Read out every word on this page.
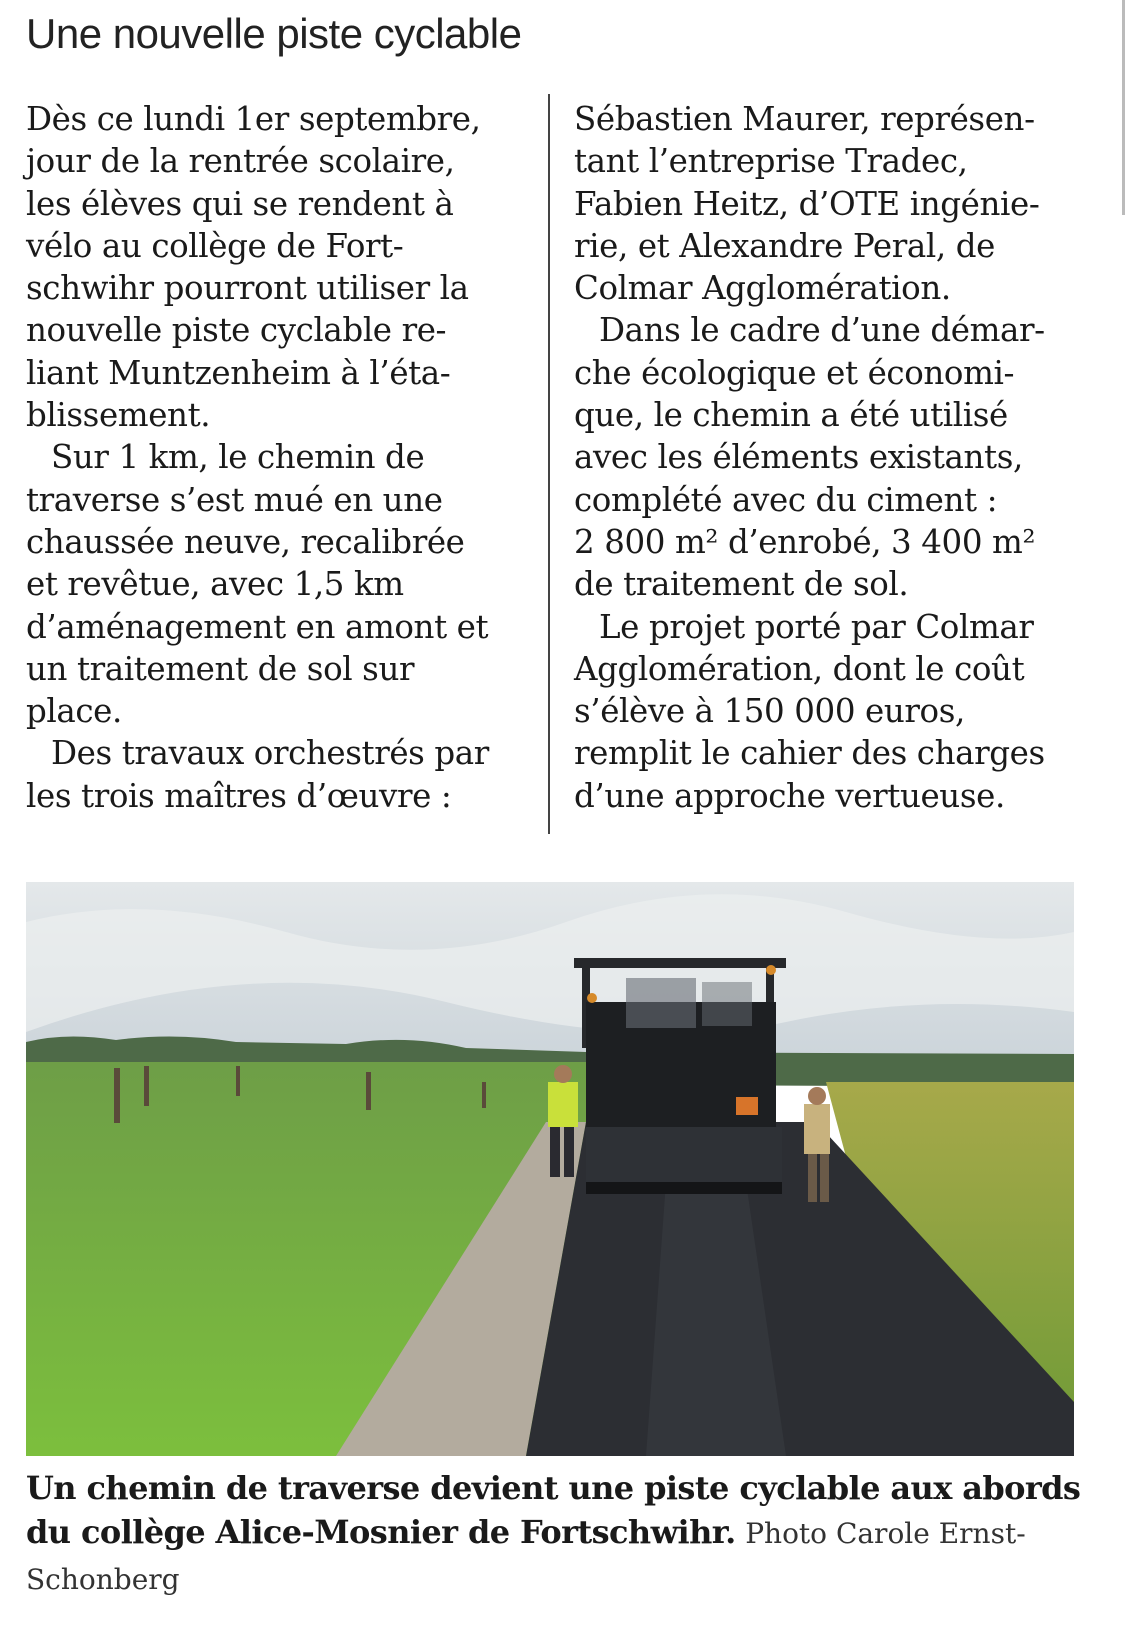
Une nouvelle piste cyclable
Dès ce lundi 1er septembre,
jour de la rentrée scolaire,
les élèves qui se rendent à
vélo au collège de Fort-
schwihr pourront utiliser la
nouvelle piste cyclable re-
liant Muntzenheim à l’éta-
blissement.
Sur 1 km, le chemin de
traverse s’est mué en une
chaussée neuve, recalibrée
et revêtue, avec 1,5 km
d’aménagement en amont et
un traitement de sol sur
place.
Des travaux orchestrés par
les trois maîtres d’œuvre :
Sébastien Maurer, représen-
tant l’entreprise Tradec,
Fabien Heitz, d’OTE ingénie-
rie, et Alexandre Peral, de
Colmar Agglomération.
Dans le cadre d’une démar-
che écologique et économi-
que, le chemin a été utilisé
avec les éléments existants,
complété avec du ciment :
2 800 m² d’enrobé, 3 400 m²
de traitement de sol.
Le projet porté par Colmar
Agglomération, dont le coût
s’élève à 150 000 euros,
remplit le cahier des charges
d’une approche vertueuse.
Un chemin de traverse devient une piste cyclable aux abords du collège Alice-Mosnier de Fortschwihr. Photo Carole Ernst-Schonberg
